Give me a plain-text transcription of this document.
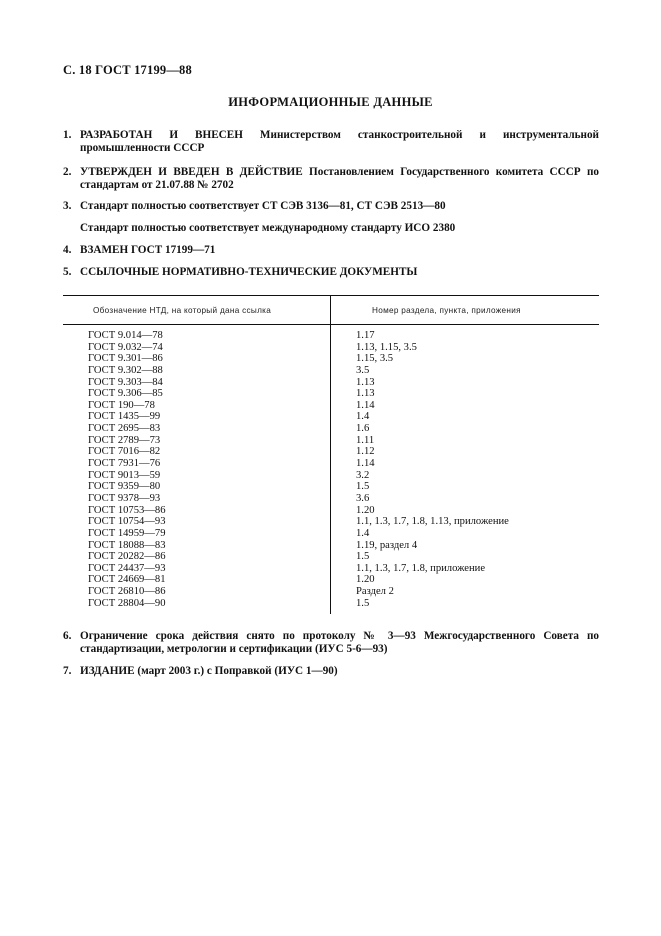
С. 18 ГОСТ 17199—88
ИНФОРМАЦИОННЫЕ ДАННЫЕ
1. РАЗРАБОТАН И ВНЕСЕН Министерством станкостроительной и инструментальной промышленности СССР
2. УТВЕРЖДЕН И ВВЕДЕН В ДЕЙСТВИЕ Постановлением Государственного комитета СССР по стандартам от 21.07.88 № 2702
3. Стандарт полностью соответствует СТ СЭВ 3136—81, СТ СЭВ 2513—80
Стандарт полностью соответствует международному стандарту ИСО 2380
4. ВЗАМЕН ГОСТ 17199—71
5. ССЫЛОЧНЫЕ НОРМАТИВНО-ТЕХНИЧЕСКИЕ ДОКУМЕНТЫ
Обозначение НТД, на который дана ссылка	Номер раздела, пункта, приложения
ГОСТ 9.014—78	1.17
ГОСТ 9.032—74	1.13, 1.15, 3.5
ГОСТ 9.301—86	1.15, 3.5
ГОСТ 9.302—88	3.5
ГОСТ 9.303—84	1.13
ГОСТ 9.306—85	1.13
ГОСТ 190—78	1.14
ГОСТ 1435—99	1.4
ГОСТ 2695—83	1.6
ГОСТ 2789—73	1.11
ГОСТ 7016—82	1.12
ГОСТ 7931—76	1.14
ГОСТ 9013—59	3.2
ГОСТ 9359—80	1.5
ГОСТ 9378—93	3.6
ГОСТ 10753—86	1.20
ГОСТ 10754—93	1.1, 1.3, 1.7, 1.8, 1.13, приложение
ГОСТ 14959—79	1.4
ГОСТ 18088—83	1.19, раздел 4
ГОСТ 20282—86	1.5
ГОСТ 24437—93	1.1, 1.3, 1.7, 1.8, приложение
ГОСТ 24669—81	1.20
ГОСТ 26810—86	Раздел 2
ГОСТ 28804—90	1.5
6. Ограничение срока действия снято по протоколу № 3—93 Межгосударственного Совета по стандартизации, метрологии и сертификации (ИУС 5-6—93)
7. ИЗДАНИЕ (март 2003 г.) с Поправкой (ИУС 1—90)
